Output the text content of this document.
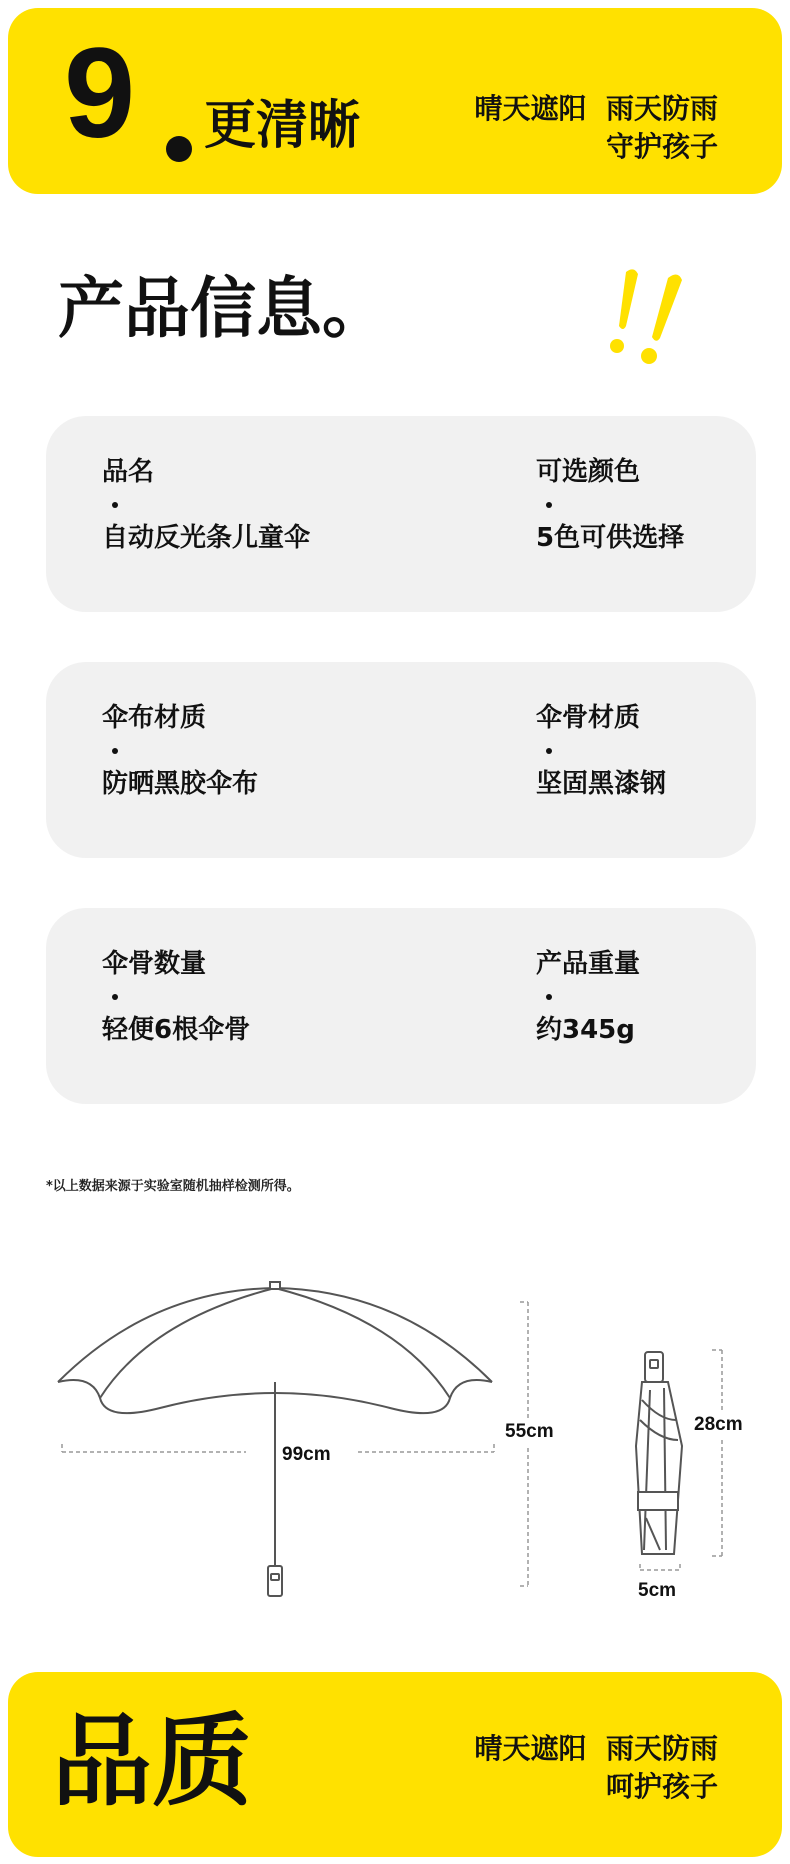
9 更清晰	晴天遮阳  雨天防雨
守护孩子
产品信息。
品名
自动反光条儿童伞
可选颜色
5色可供选择
伞布材质
防晒黑胶伞布
伞骨材质
坚固黑漆钢
伞骨数量
轻便6根伞骨
产品重量
约345g
*以上数据来源于实验室随机抽样检测所得。
99cm
55cm	28cm
5cm
品质	晴天遮阳  雨天防雨
呵护孩子
